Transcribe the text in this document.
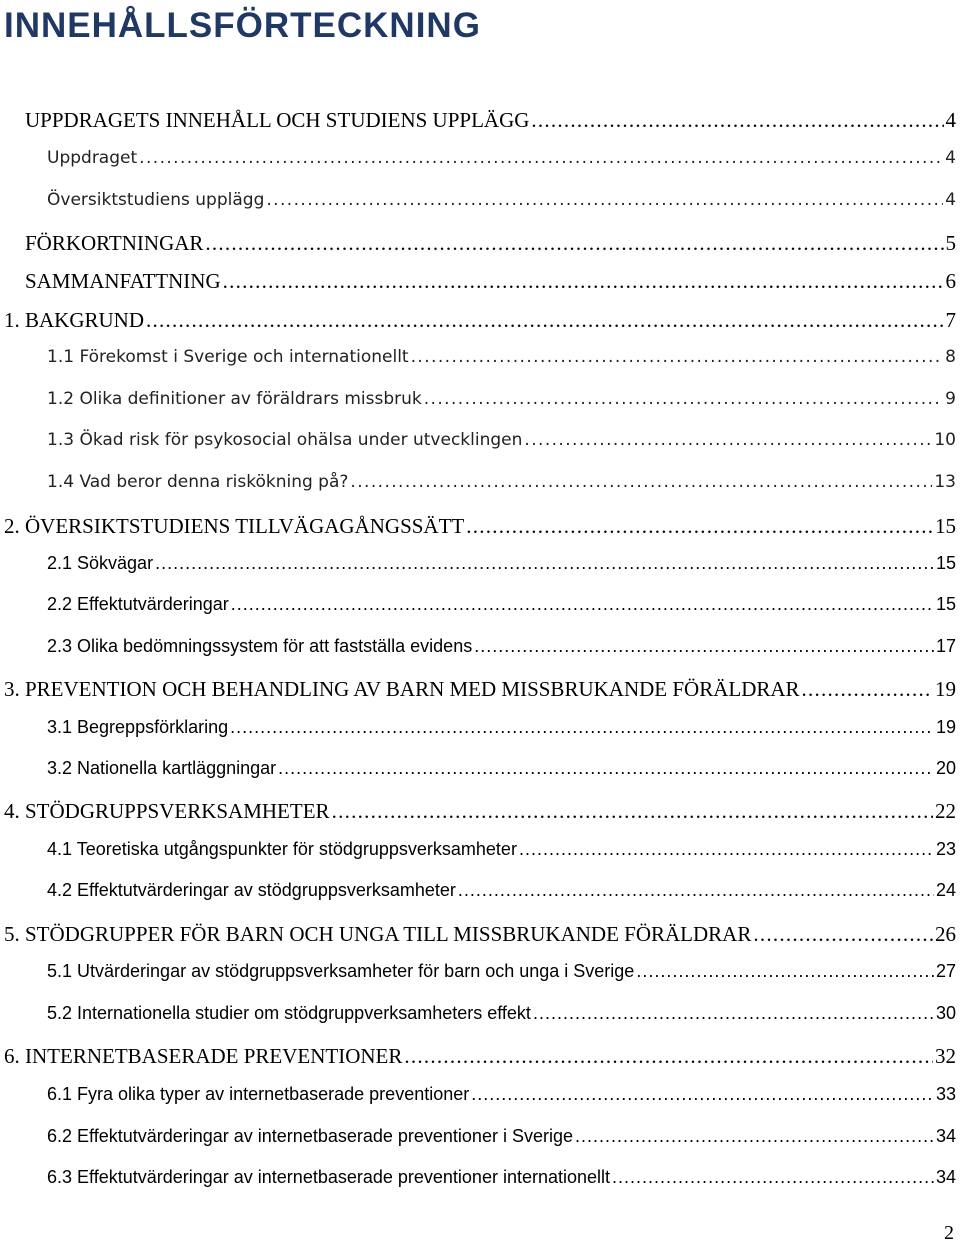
INNEHÅLLSFÖRTECKNING
UPPDRAGETS INNEHÅLL OCH STUDIENS UPPLÄGG . . .	4
Uppdraget . . .	4
Översiktstudiens upplägg . . .	4
FÖRKORTNINGAR . . .	5
SAMMANFATTNING . . .	6
1. BAKGRUND . . .	7
1.1 Förekomst i Sverige och internationellt . . .	8
1.2 Olika definitioner av föräldrars missbruk . . .	9
1.3 Ökad risk för psykosocial ohälsa under utvecklingen . . .	10
1.4 Vad beror denna riskökning på? . . .	13
2. ÖVERSIKTSTUDIENS TILLVÄGAGÅNGSSÄTT . . .	15
2.1 Sökvägar . . .	15
2.2 Effektutvärderingar . . .	15
2.3 Olika bedömningssystem för att fastställa evidens . . .	17
3. PREVENTION OCH BEHANDLING AV BARN MED MISSBRUKANDE FÖRÄLDRAR . . .	19
3.1 Begreppsförklaring . . .	19
3.2 Nationella kartläggningar . . .	20
4. STÖDGRUPPSVERKSAMHETER . . .	22
4.1 Teoretiska utgångspunkter för stödgruppsverksamheter . . .	23
4.2 Effektutvärderingar av stödgruppsverksamheter . . .	24
5. STÖDGRUPPER FÖR BARN OCH UNGA TILL MISSBRUKANDE FÖRÄLDRAR . . .	26
5.1 Utvärderingar av stödgruppsverksamheter för barn och unga i Sverige . . .	27
5.2 Internationella studier om stödgruppverksamheters effekt . . .	30
6. INTERNETBASERADE PREVENTIONER . . .	32
6.1 Fyra olika typer av internetbaserade preventioner . . .	33
6.2 Effektutvärderingar av internetbaserade preventioner i Sverige . . .	34
6.3 Effektutvärderingar av internetbaserade preventioner internationellt . . .	34

2
